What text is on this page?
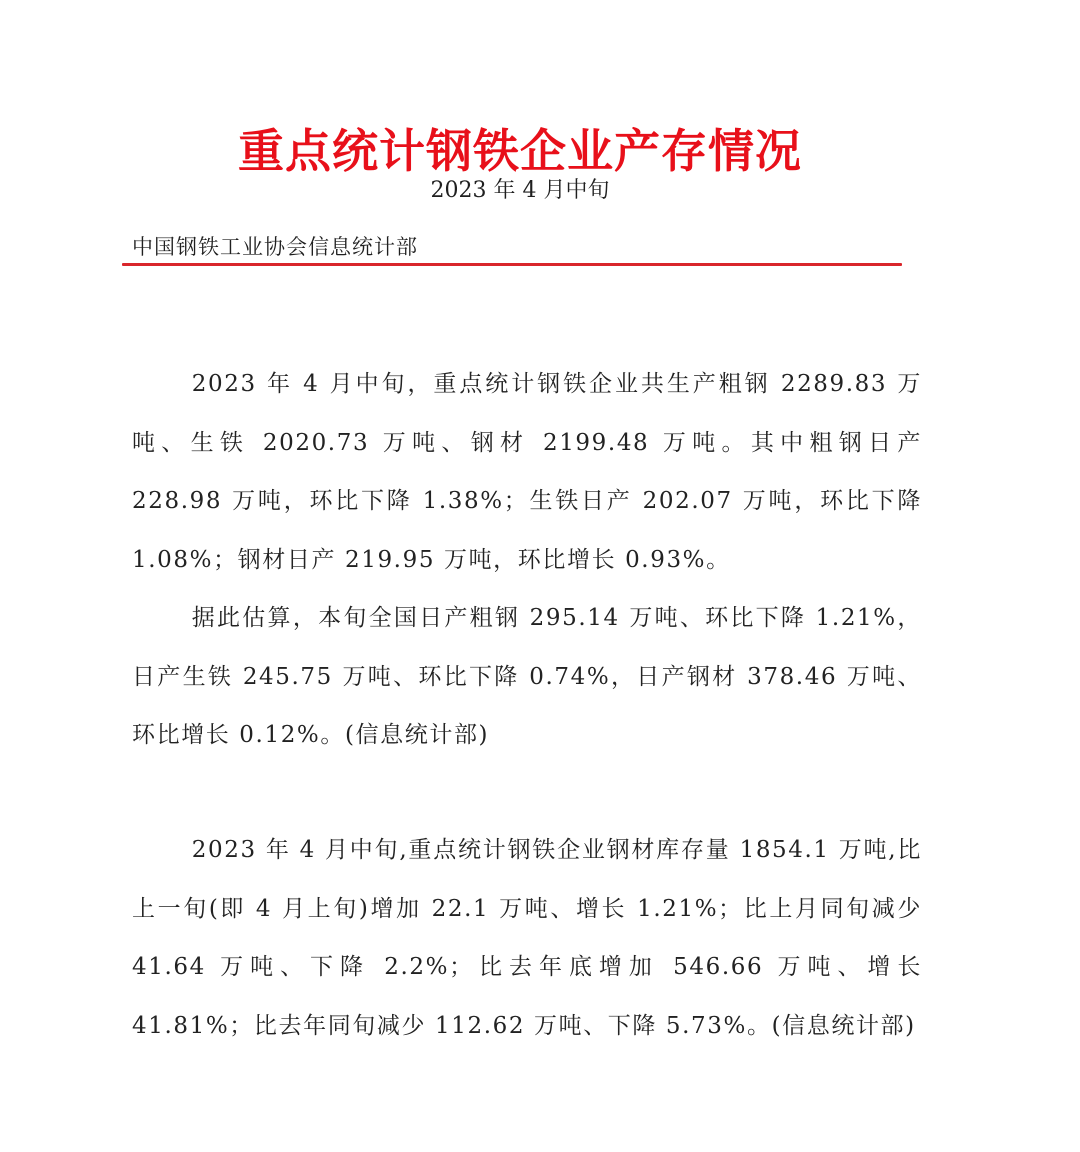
重点统计钢铁企业产存情况
2023 年 4 月中旬
中国钢铁工业协会信息统计部

2023 年 4 月中旬，重点统计钢铁企业共生产粗钢 2289.83 万吨、生铁 2020.73 万吨、钢材 2199.48 万吨。其中粗钢日产 228.98 万吨，环比下降 1.38%；生铁日产 202.07 万吨，环比下降 1.08%；钢材日产 219.95 万吨，环比增长 0.93%。

据此估算，本旬全国日产粗钢 295.14 万吨、环比下降 1.21%，日产生铁 245.75 万吨、环比下降 0.74%，日产钢材 378.46 万吨、环比增长 0.12%。(信息统计部)

2023 年 4 月中旬,重点统计钢铁企业钢材库存量 1854.1 万吨,比上一旬(即 4 月上旬)增加 22.1 万吨、增长 1.21%；比上月同旬减少 41.64 万吨、下降 2.2%；比去年底增加 546.66 万吨、增长 41.81%；比去年同旬减少 112.62 万吨、下降 5.73%。(信息统计部)
